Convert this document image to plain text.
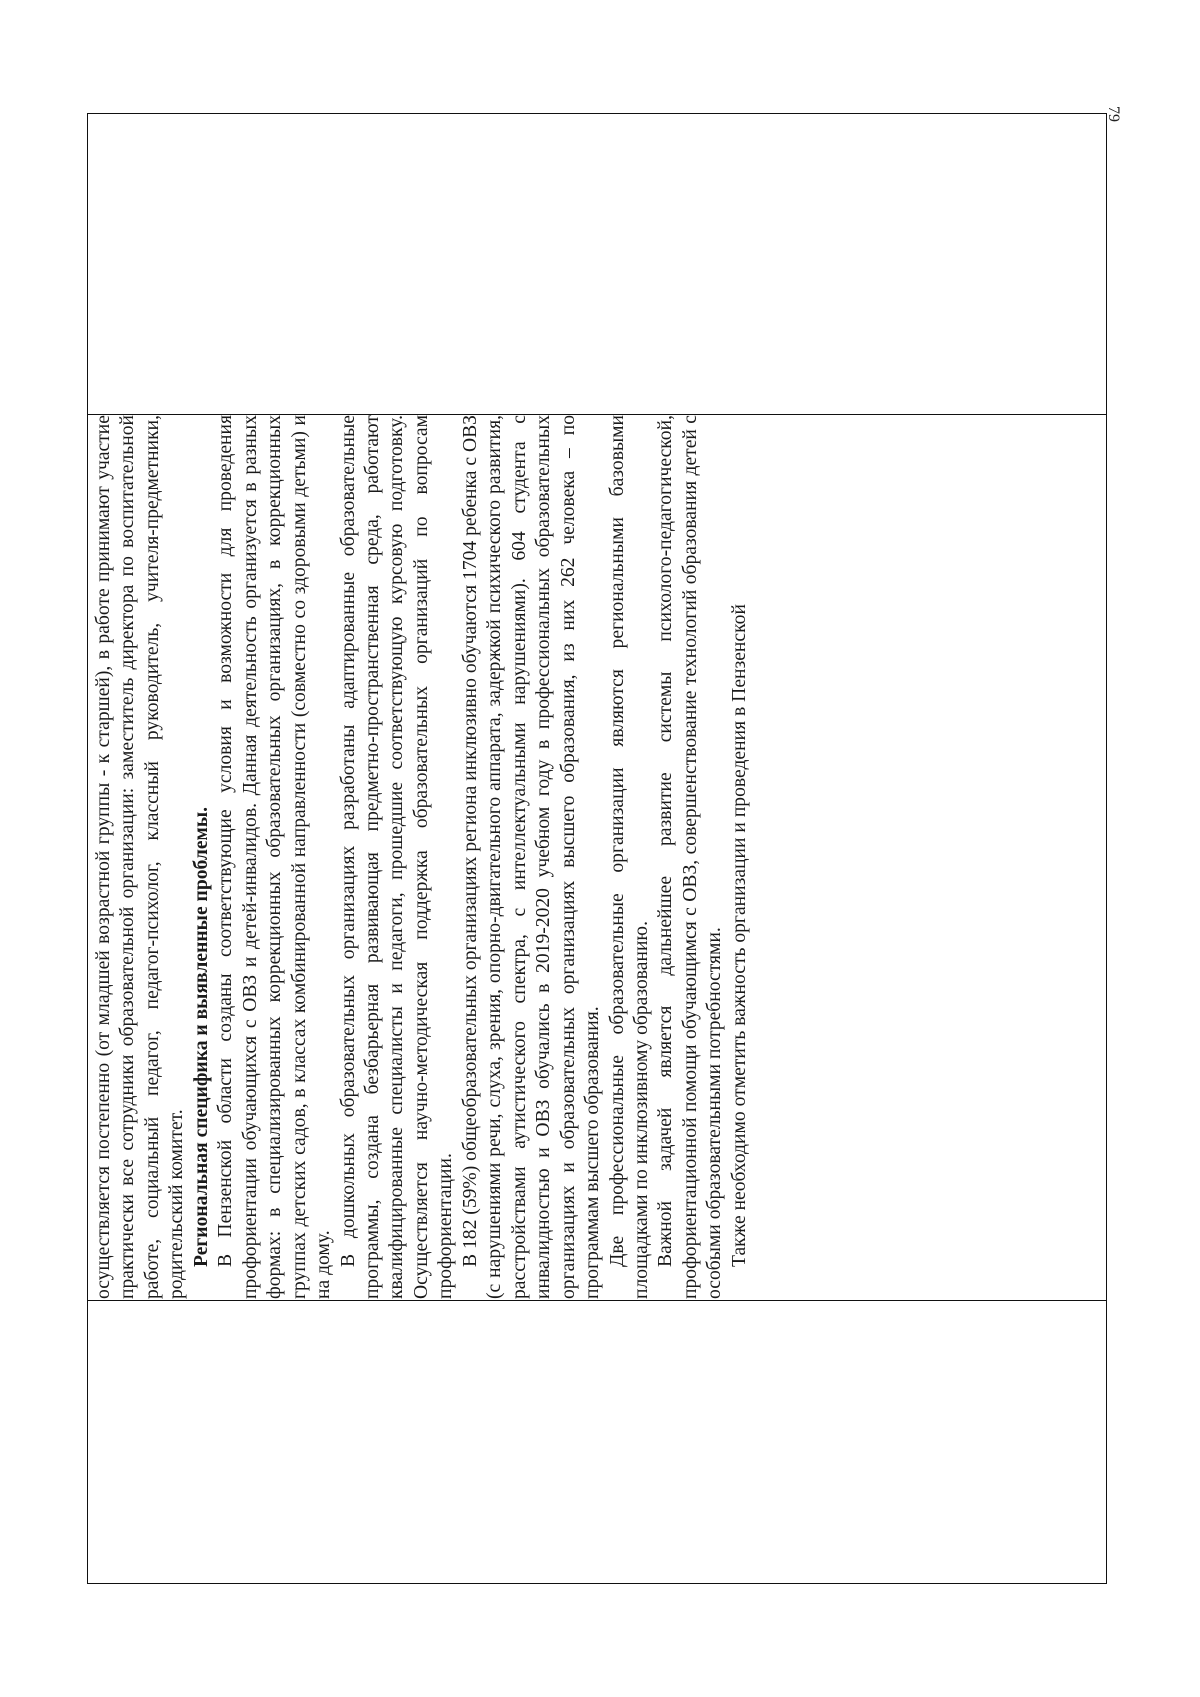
79

осуществляется постепенно (от младшей возрастной группы - к старшей), в работе принимают участие практически все сотрудники образовательной организации: заместитель директора по воспитательной работе, социальный педагог, педагог-психолог, классный руководитель, учителя-предметники, родительский комитет. Региональная специфика и выявленные проблемы. В Пензенской области созданы соответствующие условия и возможности для проведения профориентации обучающихся с ОВЗ и детей-инвалидов. Данная деятельность организуется в разных формах: в специализированных коррекционных образовательных организациях, в коррекционных группах детских садов, в классах комбинированной направленности (совместно со здоровыми детьми) и на дому. В дошкольных образовательных организациях разработаны адаптированные образовательные программы, создана безбарьерная развивающая предметно-пространственная среда, работают квалифицированные специалисты и педагоги, прошедшие соответствующую курсовую подготовку. Осуществляется научно-методическая поддержка образовательных организаций по вопросам профориентации. В 182 (59%) общеобразовательных организациях региона инклюзивно обучаются 1704 ребенка с ОВЗ (с нарушениями речи, слуха, зрения, опорно-двигательного аппарата, задержкой психического развития, расстройствами аутистического спектра, с интеллектуальными нарушениями). 604 студента с инвалидностью и ОВЗ обучались в 2019-2020 учебном году в профессиональных образовательных организациях и образовательных организациях высшего образования, из них 262 человека – по программам высшего образования. Две профессиональные образовательные организации являются региональными базовыми площадками по инклюзивному образованию. Важной задачей является дальнейшее развитие системы психолого-педагогической, профориентационной помощи обучающимся с ОВЗ, совершенствование технологий образования детей с особыми образовательными потребностями. Также необходимо отметить важность организации и проведения в Пензенской
